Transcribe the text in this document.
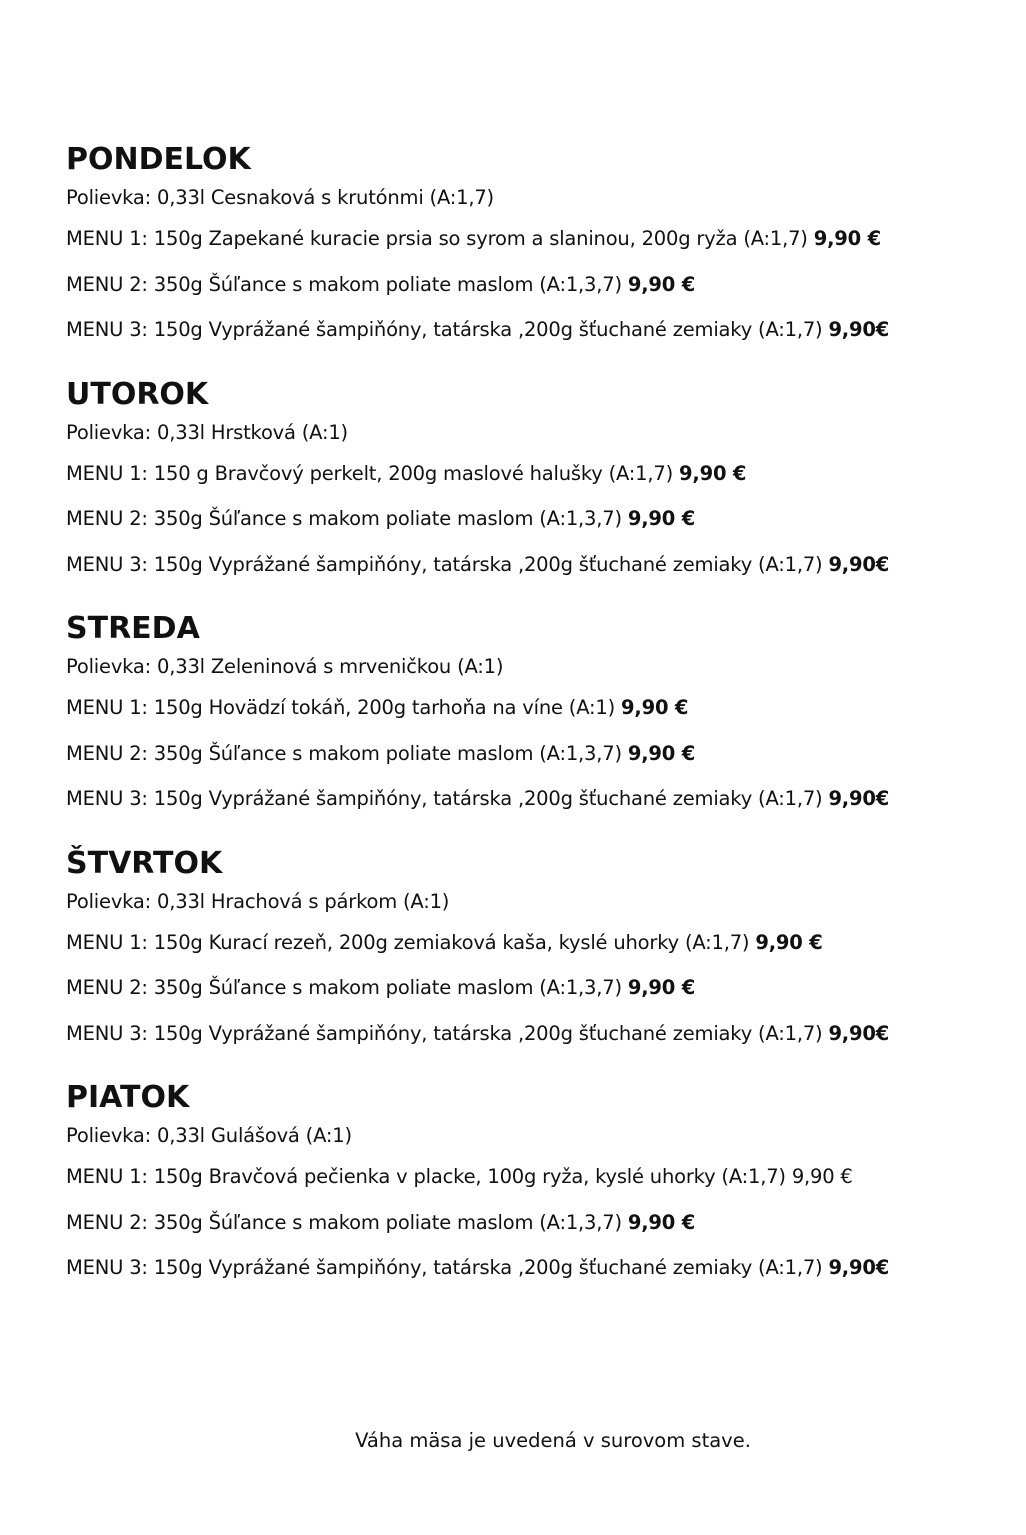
PONDELOK

Polievka: 0,33l Cesnaková s krutónmi (A:1,7)

MENU 1: 150g Zapekané kuracie prsia so syrom a slaninou, 200g ryža (A:1,7) 9,90 €

MENU 2: 350g Šúľance s makom poliate maslom (A:1,3,7) 9,90 €

MENU 3: 150g Vyprážané šampiňóny, tatárska ,200g šťuchané zemiaky (A:1,7) 9,90€

UTOROK

Polievka: 0,33l Hrstková (A:1)

MENU 1: 150 g Bravčový perkelt, 200g maslové halušky (A:1,7) 9,90 €

MENU 2: 350g Šúľance s makom poliate maslom (A:1,3,7) 9,90 €

MENU 3: 150g Vyprážané šampiňóny, tatárska ,200g šťuchané zemiaky (A:1,7) 9,90€

STREDA

Polievka: 0,33l Zeleninová s mrveničkou (A:1)

MENU 1: 150g Hovädzí tokáň, 200g tarhoňa na víne (A:1) 9,90 €

MENU 2: 350g Šúľance s makom poliate maslom (A:1,3,7) 9,90 €

MENU 3: 150g Vyprážané šampiňóny, tatárska ,200g šťuchané zemiaky (A:1,7) 9,90€

ŠTVRTOK

Polievka: 0,33l Hrachová s párkom (A:1)

MENU 1: 150g Kurací rezeň, 200g zemiaková kaša, kyslé uhorky (A:1,7) 9,90 €

MENU 2: 350g Šúľance s makom poliate maslom (A:1,3,7) 9,90 €

MENU 3: 150g Vyprážané šampiňóny, tatárska ,200g šťuchané zemiaky (A:1,7) 9,90€

PIATOK

Polievka: 0,33l Gulášová (A:1)

MENU 1: 150g Bravčová pečienka v placke, 100g ryža, kyslé uhorky (A:1,7) 9,90 €

MENU 2: 350g Šúľance s makom poliate maslom (A:1,3,7) 9,90 €

MENU 3: 150g Vyprážané šampiňóny, tatárska ,200g šťuchané zemiaky (A:1,7) 9,90€

Váha mäsa je uvedená v surovom stave.
